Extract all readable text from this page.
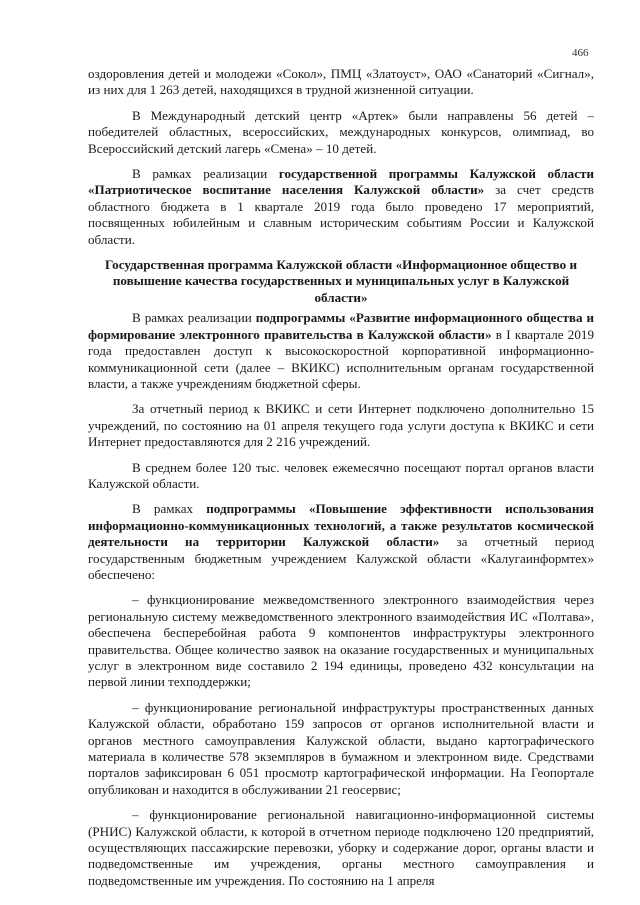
466

оздоровления детей и молодежи «Сокол», ПМЦ «Златоуст», ОАО «Санаторий «Сигнал», из них для 1 263 детей, находящихся в трудной жизненной ситуации.

В Международный детский центр «Артек» были направлены 56 детей – победителей областных, всероссийских, международных конкурсов, олимпиад, во Всероссийский детский лагерь «Смена» – 10 детей.

В рамках реализации государственной программы Калужской области «Патриотическое воспитание населения Калужской области» за счет средств областного бюджета в 1 квартале 2019 года было проведено 17 мероприятий, посвященных юбилейным и славным историческим событиям России и Калужской области.

Государственная программа Калужской области «Информационное общество и повышение качества государственных и муниципальных услуг в Калужской области»

В рамках реализации подпрограммы «Развитие информационного общества и формирование электронного правительства в Калужской области» в I квартале 2019 года предоставлен доступ к высокоскоростной корпоративной информационно-коммуникационной сети (далее – ВКИКС) исполнительным органам государственной власти, а также учреждениям бюджетной сферы.

За отчетный период к ВКИКС и сети Интернет подключено дополнительно 15 учреждений, по состоянию на 01 апреля текущего года услуги доступа к ВКИКС и сети Интернет предоставляются для 2 216 учреждений.

В среднем более 120 тыс. человек ежемесячно посещают портал органов власти Калужской области.

В рамках подпрограммы «Повышение эффективности использования информационно-коммуникационных технологий, а также результатов космической деятельности на территории Калужской области» за отчетный период государственным бюджетным учреждением Калужской области «Калугаинформтех» обеспечено:

– функционирование межведомственного электронного взаимодействия через региональную систему межведомственного электронного взаимодействия ИС «Полтава», обеспечена бесперебойная работа 9 компонентов инфраструктуры электронного правительства. Общее количество заявок на оказание государственных и муниципальных услуг в электронном виде составило 2 194 единицы, проведено 432 консультации на первой линии техподдержки;

– функционирование региональной инфраструктуры пространственных данных Калужской области, обработано 159 запросов от органов исполнительной власти и органов местного самоуправления Калужской области, выдано картографического материала в количестве 578 экземпляров в бумажном и электронном виде. Средствами порталов зафиксирован 6 051 просмотр картографической информации. На Геопортале опубликован и находится в обслуживании 21 геосервис;

– функционирование региональной навигационно-информационной системы (РНИС) Калужской области, к которой в отчетном периоде подключено 120 предприятий, осуществляющих пассажирские перевозки, уборку и содержание дорог, органы власти и подведомственные им учреждения, органы местного самоуправления и подведомственные им учреждения. По состоянию на 1 апреля
